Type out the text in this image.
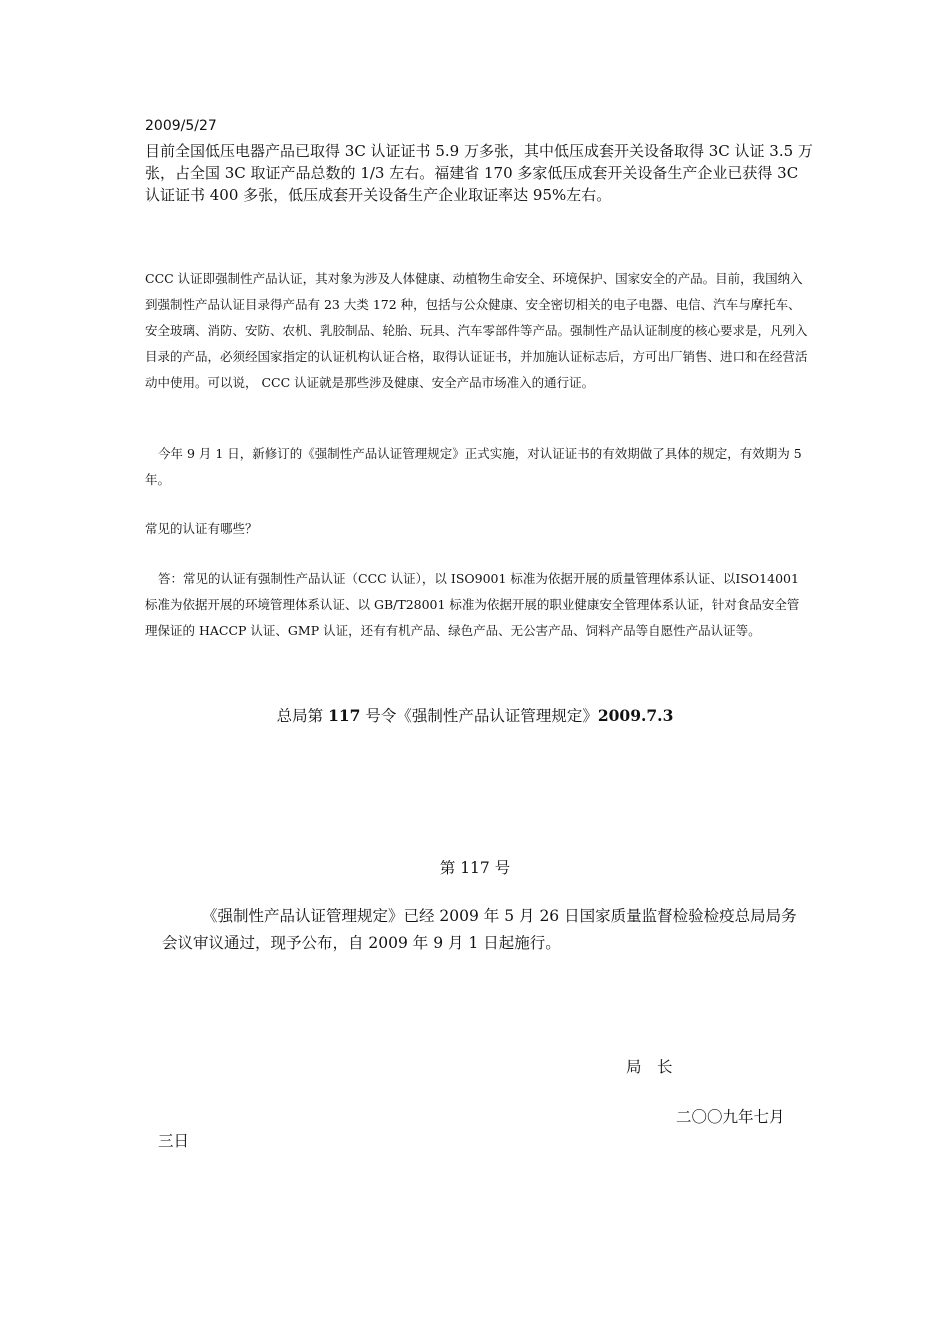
2009/5/27

目前全国低压电器产品已取得 3C 认证证书 5.9 万多张，其中低压成套开关设备取得 3C 认证 3.5 万张，占全国 3C 取证产品总数的 1/3 左右。福建省 170 多家低压成套开关设备生产企业已获得 3C 认证证书 400 多张，低压成套开关设备生产企业取证率达 95%左右。

CCC 认证即强制性产品认证，其对象为涉及人体健康、动植物生命安全、环境保护、国家安全的产品。目前，我国纳入到强制性产品认证目录得产品有 23 大类 172 种，包括与公众健康、安全密切相关的电子电器、电信、汽车与摩托车、安全玻璃、消防、安防、农机、乳胶制品、轮胎、玩具、汽车零部件等产品。强制性产品认证制度的核心要求是，凡列入目录的产品，必须经国家指定的认证机构认证合格，取得认证证书，并加施认证标志后，方可出厂销售、进口和在经营活动中使用。可以说， CCC 认证就是那些涉及健康、安全产品市场准入的通行证。

今年 9 月 1 日，新修订的《强制性产品认证管理规定》正式实施，对认证证书的有效期做了具体的规定，有效期为 5 年。

常见的认证有哪些？

答：常见的认证有强制性产品认证（CCC 认证），以 ISO9001 标准为依据开展的质量管理体系认证、以ISO14001 标准为依据开展的环境管理体系认证、以 GB/T28001 标准为依据开展的职业健康安全管理体系认证，针对食品安全管理保证的 HACCP 认证、GMP 认证，还有有机产品、绿色产品、无公害产品、饲料产品等自愿性产品认证等。

总局第 117 号令《强制性产品认证管理规定》2009.7.3

第 117 号

《强制性产品认证管理规定》已经 2009 年 5 月 26 日国家质量监督检验检疫总局局务会议审议通过，现予公布，自 2009 年 9 月 1 日起施行。

局　长

二〇〇九年七月

三日
